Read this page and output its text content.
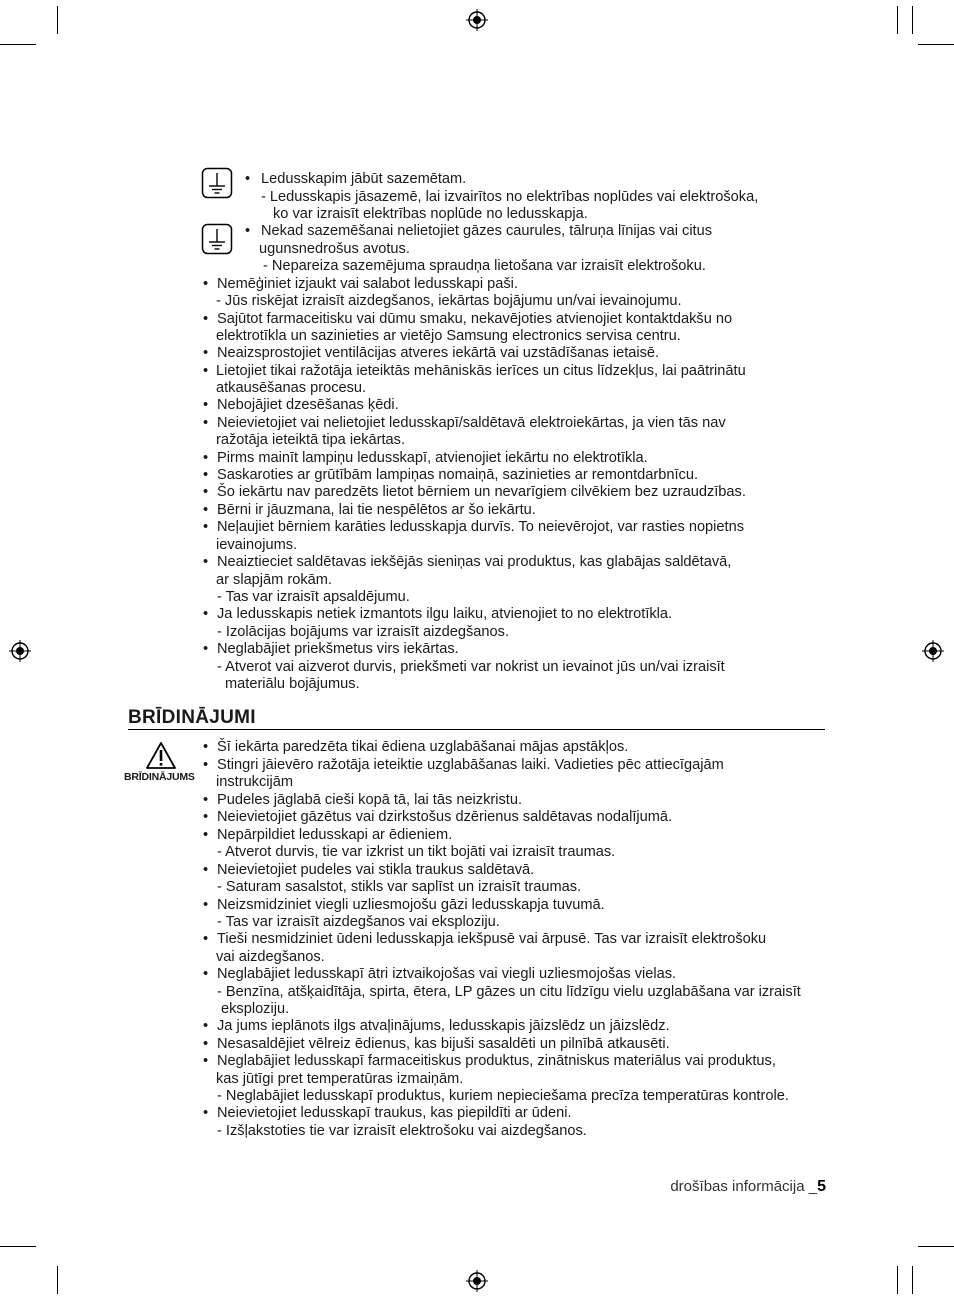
• Ledusskapim jābūt sazemētam.
- Ledusskapis jāsazemē, lai izvairītos no elektrības noplūdes vai elektrošoka,
ko var izraisīt elektrības noplūde no ledusskapja.
• Nekad sazemēšanai nelietojiet gāzes caurules, tālruņa līnijas vai citus
ugunsnedrošus avotus.
- Nepareiza sazemējuma spraudņa lietošana var izraisīt elektrošoku.
• Nemēģiniet izjaukt vai salabot ledusskapi paši.
- Jūs riskējat izraisīt aizdegšanos, iekārtas bojājumu un/vai ievainojumu.
• Sajūtot farmaceitisku vai dūmu smaku, nekavējoties atvienojiet kontaktdakšu no
elektrotīkla un sazinieties ar vietējo Samsung electronics servisa centru.
• Neaizsprostojiet ventilācijas atveres iekārtā vai uzstādīšanas ietaisē.
• Lietojiet tikai ražotāja ieteiktās mehāniskās ierīces un citus līdzekļus, lai paātrinātu
atkausēšanas procesu.
• Nebojājiet dzesēšanas ķēdi.
• Neievietojiet vai nelietojiet ledusskapī/saldētavā elektroiekārtas, ja vien tās nav
ražotāja ieteiktā tipa iekārtas.
• Pirms mainīt lampiņu ledusskapī, atvienojiet iekārtu no elektrotīkla.
• Saskaroties ar grūtībām lampiņas nomaiņā, sazinieties ar remontdarbnīcu.
• Šo iekārtu nav paredzēts lietot bērniem un nevarīgiem cilvēkiem bez uzraudzības.
• Bērni ir jāuzmana, lai tie nespēlētos ar šo iekārtu.
• Neļaujiet bērniem karāties ledusskapja durvīs. To neievērojot, var rasties nopietns
ievainojums.
• Neaiztieciet saldētavas iekšējās sieniņas vai produktus, kas glabājas saldētavā,
ar slapjām rokām.
- Tas var izraisīt apsaldējumu.
• Ja ledusskapis netiek izmantots ilgu laiku, atvienojiet to no elektrotīkla.
- Izolācijas bojājums var izraisīt aizdegšanos.
• Neglabājiet priekšmetus virs iekārtas.
- Atverot vai aizverot durvis, priekšmeti var nokrist un ievainot jūs un/vai izraisīt
materiālu bojājumus.
BRĪDINĀJUMI
BRĪDINĀJUMS
• Šī iekārta paredzēta tikai ēdiena uzglabāšanai mājas apstākļos.
• Stingri jāievēro ražotāja ieteiktie uzglabāšanas laiki. Vadieties pēc attiecīgajām
instrukcijām
• Pudeles jāglabā cieši kopā tā, lai tās neizkristu.
• Neievietojiet gāzētus vai dzirkstošus dzērienus saldētavas nodalījumā.
• Nepārpildiet ledusskapi ar ēdieniem.
- Atverot durvis, tie var izkrist un tikt bojāti vai izraisīt traumas.
• Neievietojiet pudeles vai stikla traukus saldētavā.
- Saturam sasalstot, stikls var saplīst un izraisīt traumas.
• Neizsmidziniet viegli uzliesmojošu gāzi ledusskapja tuvumā.
- Tas var izraisīt aizdegšanos vai eksploziju.
• Tieši nesmidziniet ūdeni ledusskapja iekšpusē vai ārpusē. Tas var izraisīt elektrošoku
vai aizdegšanos.
• Neglabājiet ledusskapī ātri iztvaikojošas vai viegli uzliesmojošas vielas.
- Benzīna, atšķaidītāja, spirta, ētera, LP gāzes un citu līdzīgu vielu uzglabāšana var izraisīt
eksploziju.
• Ja jums ieplānots ilgs atvaļinājums, ledusskapis jāizslēdz un jāizslēdz.
• Nesasaldējiet vēlreiz ēdienus, kas bijuši sasaldēti un pilnībā atkausēti.
• Neglabājiet ledusskapī farmaceitiskus produktus, zinātniskus materiālus vai produktus,
kas jūtīgi pret temperatūras izmaiņām.
- Neglabājiet ledusskapī produktus, kuriem nepieciešama precīza temperatūras kontrole.
• Neievietojiet ledusskapī traukus, kas piepildīti ar ūdeni.
- Izšļakstoties tie var izraisīt elektrošoku vai aizdegšanos.
drošības informācija _5
